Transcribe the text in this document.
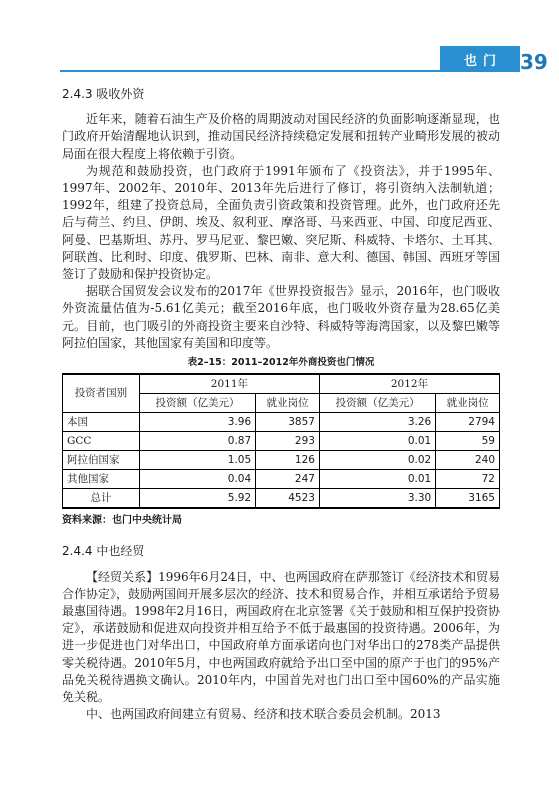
也门 39
2.4.3 吸收外资

近年来，随着石油生产及价格的周期波动对国民经济的负面影响逐渐显现，也门政府开始清醒地认识到，推动国民经济持续稳定发展和扭转产业畸形发展的被动局面在很大程度上将依赖于引资。

为规范和鼓励投资，也门政府于1991年颁布了《投资法》，并于1995年、1997年、2002年、2010年、2013年先后进行了修订，将引资纳入法制轨道；1992年，组建了投资总局，全面负责引资政策和投资管理。此外，也门政府还先后与荷兰、约旦、伊朗、埃及、叙利亚、摩洛哥、马来西亚、中国、印度尼西亚、阿曼、巴基斯坦、苏丹、罗马尼亚、黎巴嫩、突尼斯、科威特、卡塔尔、土耳其、阿联酋、比利时、印度、俄罗斯、巴林、南非、意大利、德国、韩国、西班牙等国签订了鼓励和保护投资协定。

据联合国贸发会议发布的2017年《世界投资报告》显示，2016年，也门吸收外资流量估值为-5.61亿美元；截至2016年底，也门吸收外资存量为28.65亿美元。目前，也门吸引的外商投资主要来自沙特、科威特等海湾国家，以及黎巴嫩等阿拉伯国家，其他国家有美国和印度等。

表2–15：2011–2012年外商投资也门情况
投资者国别	2011年		2012年	
	投资额（亿美元）	就业岗位	投资额（亿美元）	就业岗位
本国	3.96	3857	3.26	2794
GCC	0.87	293	0.01	59
阿拉伯国家	1.05	126	0.02	240
其他国家	0.04	247	0.01	72
总计	5.92	4523	3.30	3165
资料来源：也门中央统计局
2.4.4 中也经贸

【经贸关系】1996年6月24日，中、也两国政府在萨那签订《经济技术和贸易合作协定》，鼓励两国间开展多层次的经济、技术和贸易合作，并相互承诺给予贸易最惠国待遇。1998年2月16日，两国政府在北京签署《关于鼓励和相互保护投资协定》，承诺鼓励和促进双向投资并相互给予不低于最惠国的投资待遇。2006年，为进一步促进也门对华出口，中国政府单方面承诺向也门对华出口的278类产品提供零关税待遇。2010年5月，中也两国政府就给予出口至中国的原产于也门的95%产品免关税待遇换文确认。2010年内，中国首先对也门出口至中国60%的产品实施免关税。

中、也两国政府间建立有贸易、经济和技术联合委员会机制。2013
